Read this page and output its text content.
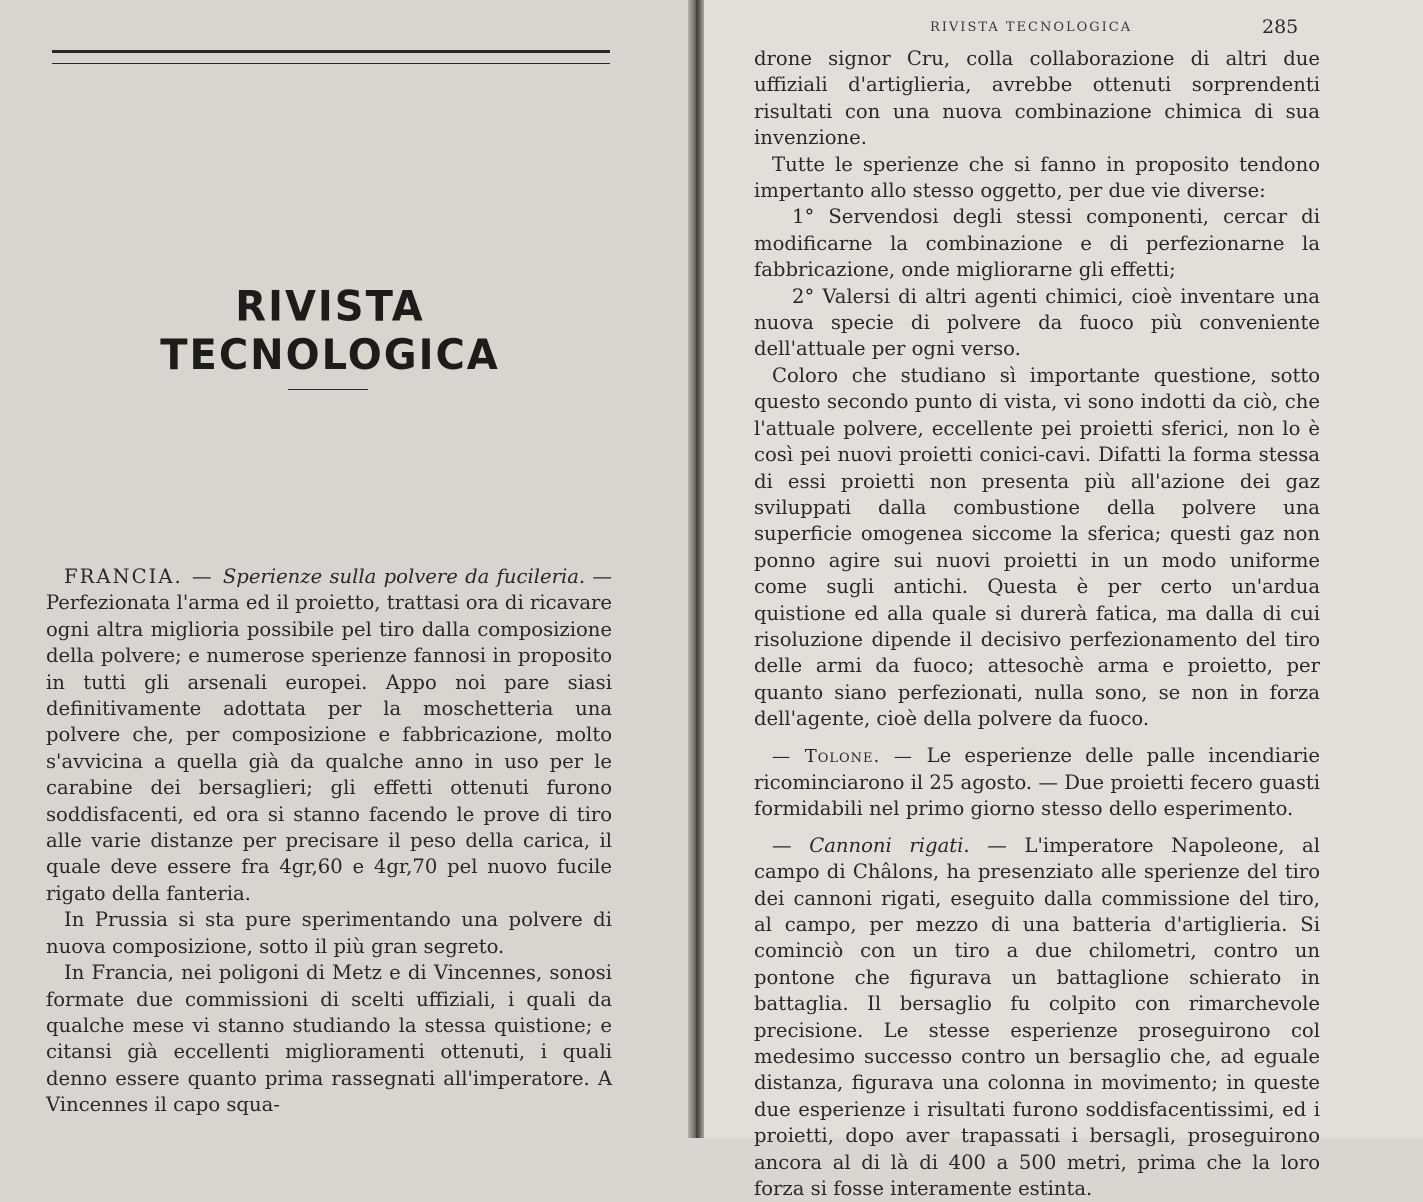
RIVISTA TECNOLOGICA

FRANCIA. — Sperienze sulla polvere da fucileria. — Perfezionata l'arma ed il proietto, trattasi ora di ricavare ogni altra miglioria possibile pel tiro dalla composizione della polvere; e numerose sperienze fannosi in proposito in tutti gli arsenali europei. Appo noi pare siasi definitivamente adottata per la moschetteria una polvere che, per composizione e fabbricazione, molto s'avvicina a quella già da qualche anno in uso per le carabine dei bersaglieri; gli effetti ottenuti furono soddisfacenti, ed ora si stanno facendo le prove di tiro alle varie distanze per precisare il peso della carica, il quale deve essere fra 4gr,60 e 4gr,70 pel nuovo fucile rigato della fanteria.

In Prussia si sta pure sperimentando una polvere di nuova composizione, sotto il più gran segreto.

In Francia, nei poligoni di Metz e di Vincennes, sonosi formate due commissioni di scelti uffiziali, i quali da qualche mese vi stanno studiando la stessa quistione; e citansi già eccellenti miglioramenti ottenuti, i quali denno essere quanto prima rassegnati all'imperatore. A Vincennes il capo squa-

RIVISTA TECNOLOGICA	285

drone signor Cru, colla collaborazione di altri due uffiziali d'artiglieria, avrebbe ottenuti sorprendenti risultati con una nuova combinazione chimica di sua invenzione.

Tutte le sperienze che si fanno in proposito tendono impertanto allo stesso oggetto, per due vie diverse:

1° Servendosi degli stessi componenti, cercar di modificarne la combinazione e di perfezionarne la fabbricazione, onde migliorarne gli effetti;

2° Valersi di altri agenti chimici, cioè inventare una nuova specie di polvere da fuoco più conveniente dell'attuale per ogni verso.

Coloro che studiano sì importante questione, sotto questo secondo punto di vista, vi sono indotti da ciò, che l'attuale polvere, eccellente pei proietti sferici, non lo è così pei nuovi proietti conici-cavi. Difatti la forma stessa di essi proietti non presenta più all'azione dei gaz sviluppati dalla combustione della polvere una superficie omogenea siccome la sferica; questi gaz non ponno agire sui nuovi proietti in un modo uniforme come sugli antichi. Questa è per certo un'ardua quistione ed alla quale si durerà fatica, ma dalla di cui risoluzione dipende il decisivo perfezionamento del tiro delle armi da fuoco; attesochè arma e proietto, per quanto siano perfezionati, nulla sono, se non in forza dell'agente, cioè della polvere da fuoco.

— Tolone. — Le esperienze delle palle incendiarie ricominciarono il 25 agosto. — Due proietti fecero guasti formidabili nel primo giorno stesso dello esperimento.

— Cannoni rigati. — L'imperatore Napoleone, al campo di Châlons, ha presenziato alle sperienze del tiro dei cannoni rigati, eseguito dalla commissione del tiro, al campo, per mezzo di una batteria d'artiglieria. Si cominciò con un tiro a due chilometri, contro un pontone che figurava un battaglione schierato in battaglia. Il bersaglio fu colpito con rimarchevole precisione. Le stesse esperienze proseguirono col medesimo successo contro un bersaglio che, ad eguale distanza, figurava una colonna in movimento; in queste due esperienze i risultati furono soddisfacentissimi, ed i proietti, dopo aver trapassati i bersagli, proseguirono ancora al di là di 400 a 500 metri, prima che la loro forza si fosse interamente estinta.
